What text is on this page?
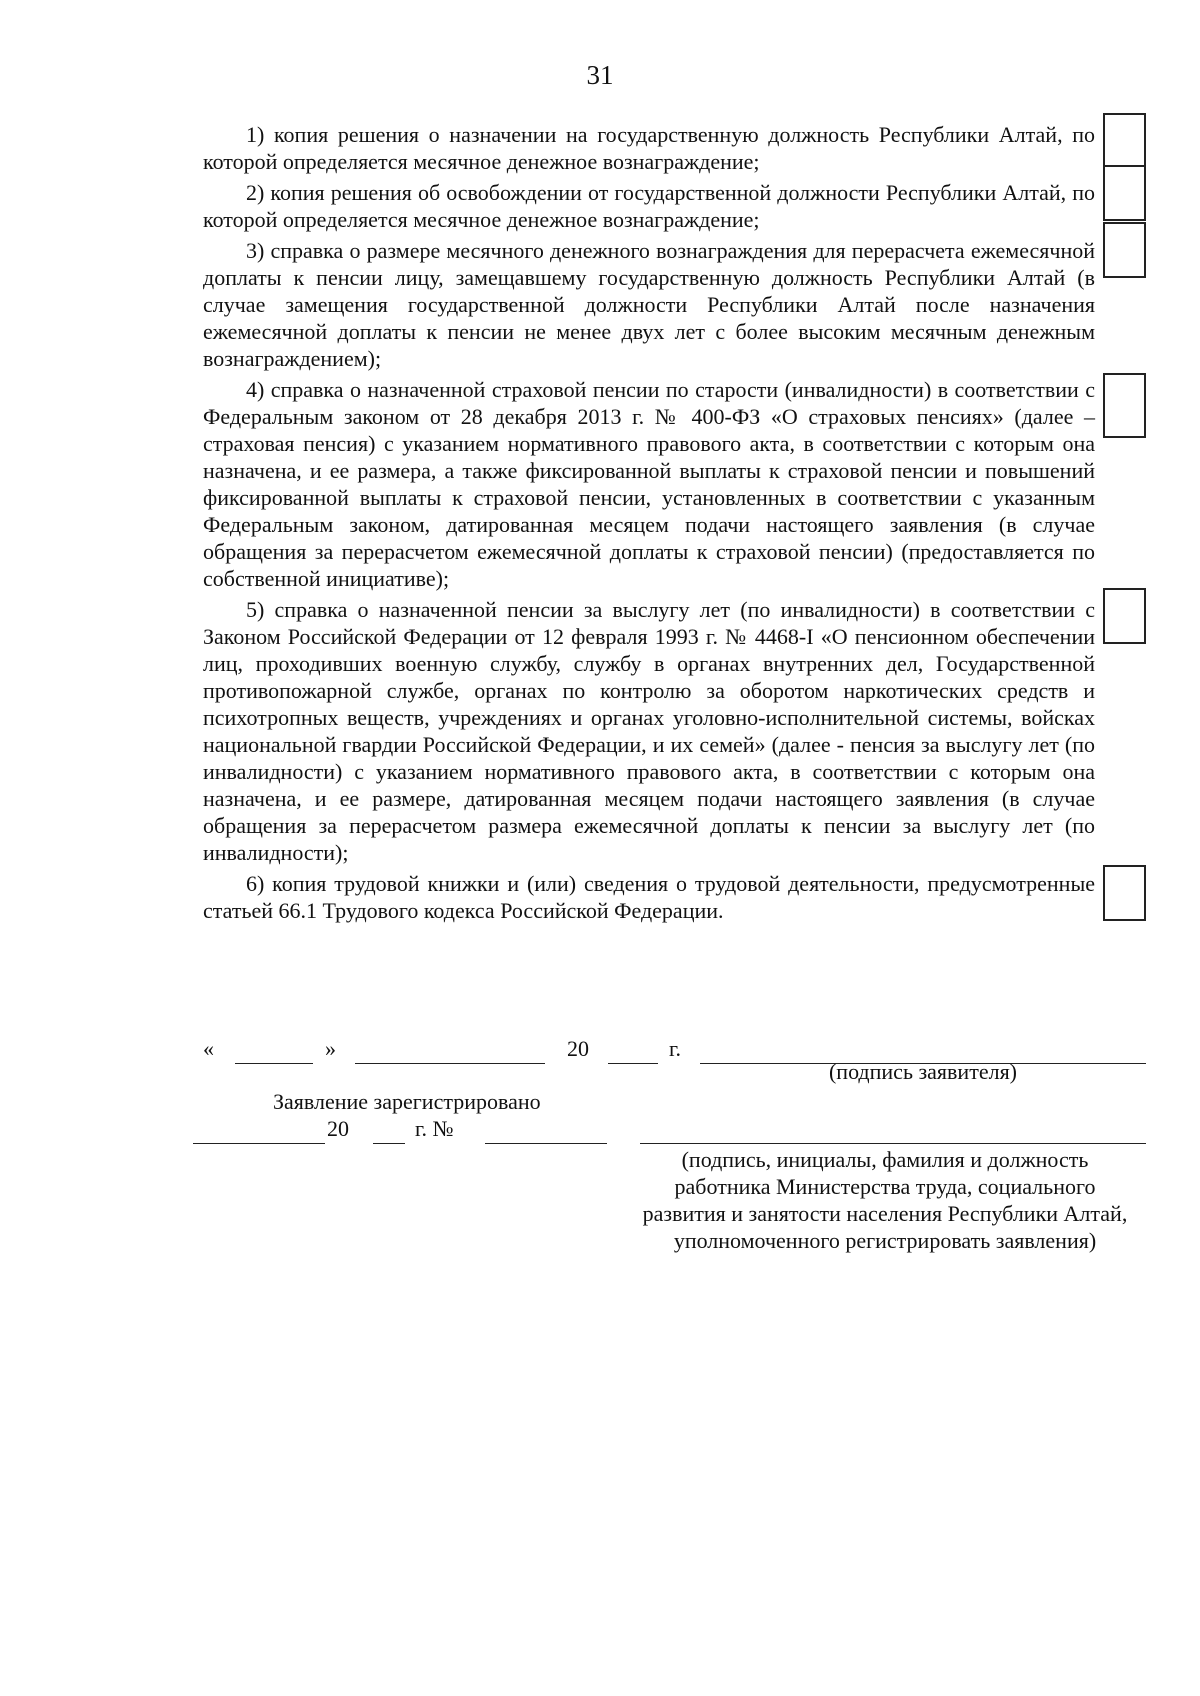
31

1) копия решения о назначении на государственную должность Республики Алтай, по которой определяется месячное денежное вознаграждение;

2) копия решения об освобождении от государственной должности Республики Алтай, по которой определяется месячное денежное вознаграждение;

3) справка о размере месячного денежного вознаграждения для перерасчета ежемесячной доплаты к пенсии лицу, замещавшему государственную должность Республики Алтай (в случае замещения государственной должности Республики Алтай после назначения ежемесячной доплаты к пенсии не менее двух лет с более высоким месячным денежным вознаграждением);

4) справка о назначенной страховой пенсии по старости (инвалидности) в соответствии с Федеральным законом от 28 декабря 2013 г. № 400-ФЗ «О страховых пенсиях» (далее – страховая пенсия) с указанием нормативного правового акта, в соответствии с которым она назначена, и ее размера, а также фиксированной выплаты к страховой пенсии и повышений фиксированной выплаты к страховой пенсии, установленных в соответствии с указанным Федеральным законом, датированная месяцем подачи настоящего заявления (в случае обращения за перерасчетом ежемесячной доплаты к страховой пенсии) (предоставляется по собственной инициативе);

5) справка о назначенной пенсии за выслугу лет (по инвалидности) в соответствии с Законом Российской Федерации от 12 февраля 1993 г. № 4468-I «О пенсионном обеспечении лиц, проходивших военную службу, службу в органах внутренних дел, Государственной противопожарной службе, органах по контролю за оборотом наркотических средств и психотропных веществ, учреждениях и органах уголовно-исполнительной системы, войсках национальной гвардии Российской Федерации, и их семей» (далее - пенсия за выслугу лет (по инвалидности) с указанием нормативного правового акта, в соответствии с которым она назначена, и ее размере, датированная месяцем подачи настоящего заявления (в случае обращения за перерасчетом размера ежемесячной доплаты к пенсии за выслугу лет (по инвалидности);

6) копия трудовой книжки и (или) сведения о трудовой деятельности, предусмотренные статьей 66.1 Трудового кодекса Российской Федерации.

«	»	20	г.
(подпись заявителя)
Заявление зарегистрировано
20	г. №
(подпись, инициалы, фамилия и должность работника Министерства труда, социального развития и занятости населения Республики Алтай, уполномоченного регистрировать заявления)
